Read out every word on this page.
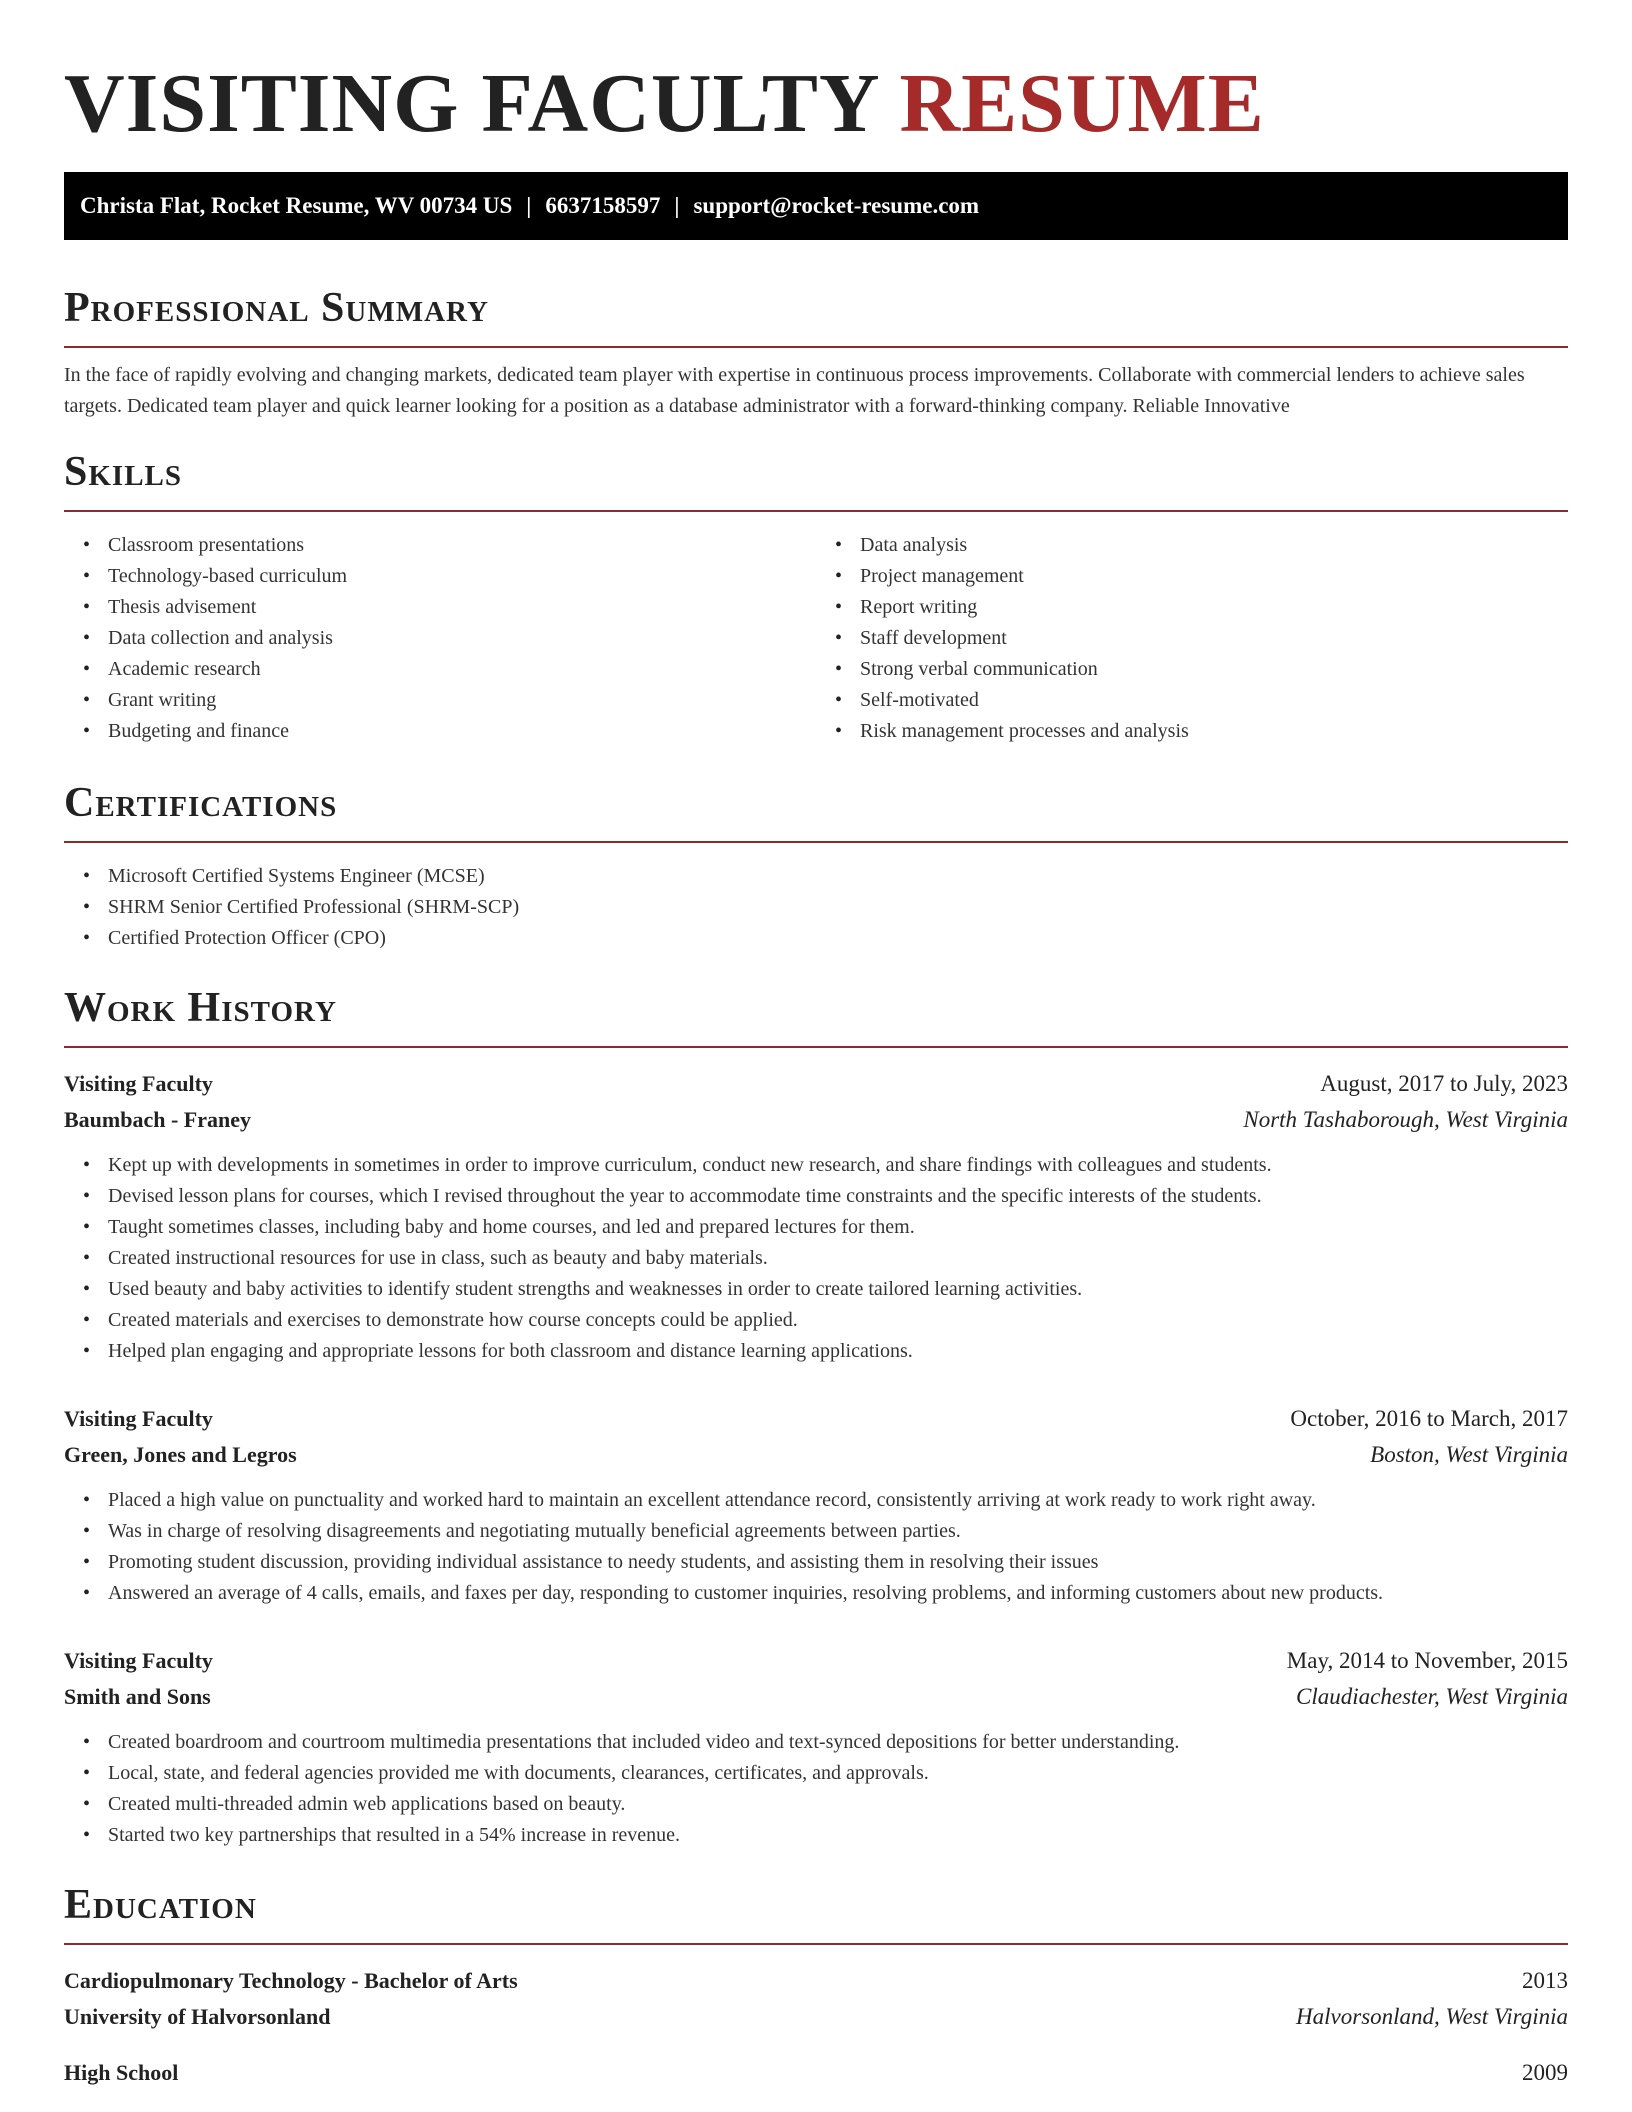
VISITING FACULTY RESUME
Christa Flat, Rocket Resume, WV 00734 US | 6637158597 | support@rocket-resume.com
Professional Summary

In the face of rapidly evolving and changing markets, dedicated team player with expertise in continuous process improvements. Collaborate with commercial lenders to achieve sales targets. Dedicated team player and quick learner looking for a position as a database administrator with a forward-thinking company. Reliable Innovative

Skills
• Classroom presentations
• Technology-based curriculum
• Thesis advisement
• Data collection and analysis
• Academic research
• Grant writing
• Budgeting and finance
• Data analysis
• Project management
• Report writing
• Staff development
• Strong verbal communication
• Self-motivated
• Risk management processes and analysis
Certifications
• Microsoft Certified Systems Engineer (MCSE)
• SHRM Senior Certified Professional (SHRM-SCP)
• Certified Protection Officer (CPO)
Work History
Visiting Faculty	August, 2017 to July, 2023
Baumbach - Franey	North Tashaborough, West Virginia
• Kept up with developments in sometimes in order to improve curriculum, conduct new research, and share findings with colleagues and students.
• Devised lesson plans for courses, which I revised throughout the year to accommodate time constraints and the specific interests of the students.
• Taught sometimes classes, including baby and home courses, and led and prepared lectures for them.
• Created instructional resources for use in class, such as beauty and baby materials.
• Used beauty and baby activities to identify student strengths and weaknesses in order to create tailored learning activities.
• Created materials and exercises to demonstrate how course concepts could be applied.
• Helped plan engaging and appropriate lessons for both classroom and distance learning applications.
Visiting Faculty	October, 2016 to March, 2017
Green, Jones and Legros	Boston, West Virginia
• Placed a high value on punctuality and worked hard to maintain an excellent attendance record, consistently arriving at work ready to work right away.
• Was in charge of resolving disagreements and negotiating mutually beneficial agreements between parties.
• Promoting student discussion, providing individual assistance to needy students, and assisting them in resolving their issues
• Answered an average of 4 calls, emails, and faxes per day, responding to customer inquiries, resolving problems, and informing customers about new products.
Visiting Faculty	May, 2014 to November, 2015
Smith and Sons	Claudiachester, West Virginia
• Created boardroom and courtroom multimedia presentations that included video and text-synced depositions for better understanding.
• Local, state, and federal agencies provided me with documents, clearances, certificates, and approvals.
• Created multi-threaded admin web applications based on beauty.
• Started two key partnerships that resulted in a 54% increase in revenue.
Education
Cardiopulmonary Technology - Bachelor of Arts	2013
University of Halvorsonland	Halvorsonland, West Virginia
High School	2009
